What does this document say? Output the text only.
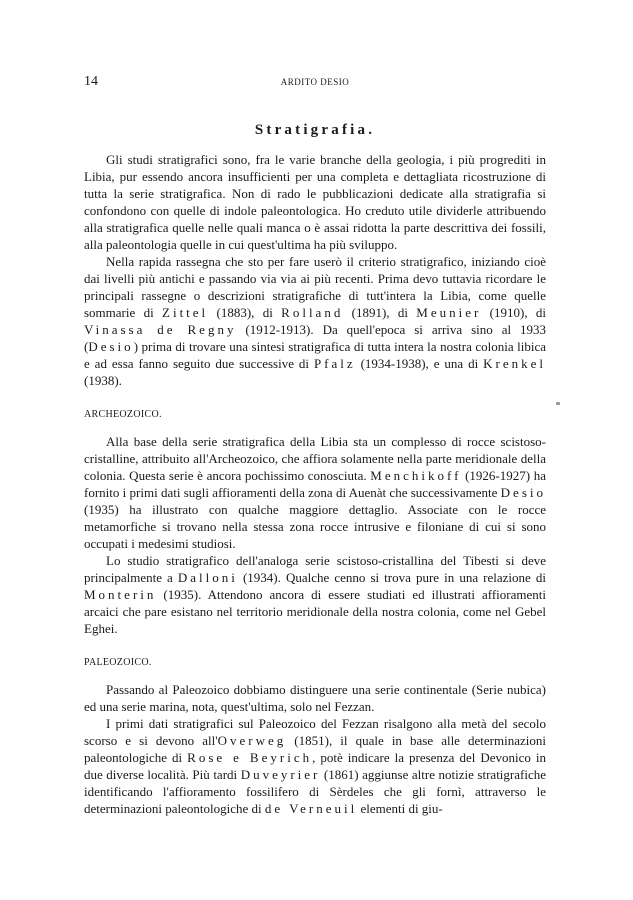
14	ARDITO DESIO
Stratigrafia.

Gli studi stratigrafici sono, fra le varie branche della geologia, i più progrediti in Libia, pur essendo ancora insufficienti per una completa e dettagliata ricostruzione di tutta la serie stratigrafica. Non di rado le pubblicazioni dedicate alla stratigrafia si confondono con quelle di indole paleontologica. Ho creduto utile dividerle attribuendo alla stratigrafica quelle nelle quali manca o è assai ridotta la parte descrittiva dei fossili, alla paleontologia quelle in cui quest'ultima ha più sviluppo.

Nella rapida rassegna che sto per fare userò il criterio stratigrafico, iniziando cioè dai livelli più antichi e passando via via ai più recenti. Prima devo tuttavia ricordare le principali rassegne o descrizioni stratigrafiche di tutt'intera la Libia, come quelle sommarie di Zittel (1883), di Rolland (1891), di Meunier (1910), di Vinassa de Regny (1912-1913). Da quell'epoca si arriva sino al 1933 (Desio) prima di trovare una sintesi stratigrafica di tutta intera la nostra colonia libica e ad essa fanno seguito due successive di Pfalz (1934-1938), e una di Krenkel (1938).

ARCHEOZOICO.

Alla base della serie stratigrafica della Libia sta un complesso di rocce scistoso-cristalline, attribuito all'Archeozoico, che affiora solamente nella parte meridionale della colonia. Questa serie è ancora pochissimo conosciuta. Menchikoff (1926-1927) ha fornito i primi dati sugli affioramenti della zona di Auenàt che successivamente Desio (1935) ha illustrato con qualche maggiore dettaglio. Associate con le rocce metamorfiche si trovano nella stessa zona rocce intrusive e filoniane di cui si sono occupati i medesimi studiosi.

Lo studio stratigrafico dell'analoga serie scistoso-cristallina del Tibesti si deve principalmente a Dalloni (1934). Qualche cenno si trova pure in una relazione di Monterin (1935). Attendono ancora di essere studiati ed illustrati affioramenti arcaici che pare esistano nel territorio meridionale della nostra colonia, come nel Gebel Eghei.

PALEOZOICO.

Passando al Paleozoico dobbiamo distinguere una serie continentale (Serie nubica) ed una serie marina, nota, quest'ultima, solo nel Fezzan.

I primi dati stratigrafici sul Paleozoico del Fezzan risalgono alla metà del secolo scorso e si devono all'Overweg (1851), il quale in base alle determinazioni paleontologiche di Rose e Beyrich, potè indicare la presenza del Devonico in due diverse località. Più tardi Duveyrier (1861) aggiunse altre notizie stratigrafiche identificando l'affioramento fossilifero di Sèrdeles che gli fornì, attraverso le determinazioni paleontologiche di de Verneuil elementi di giu-
